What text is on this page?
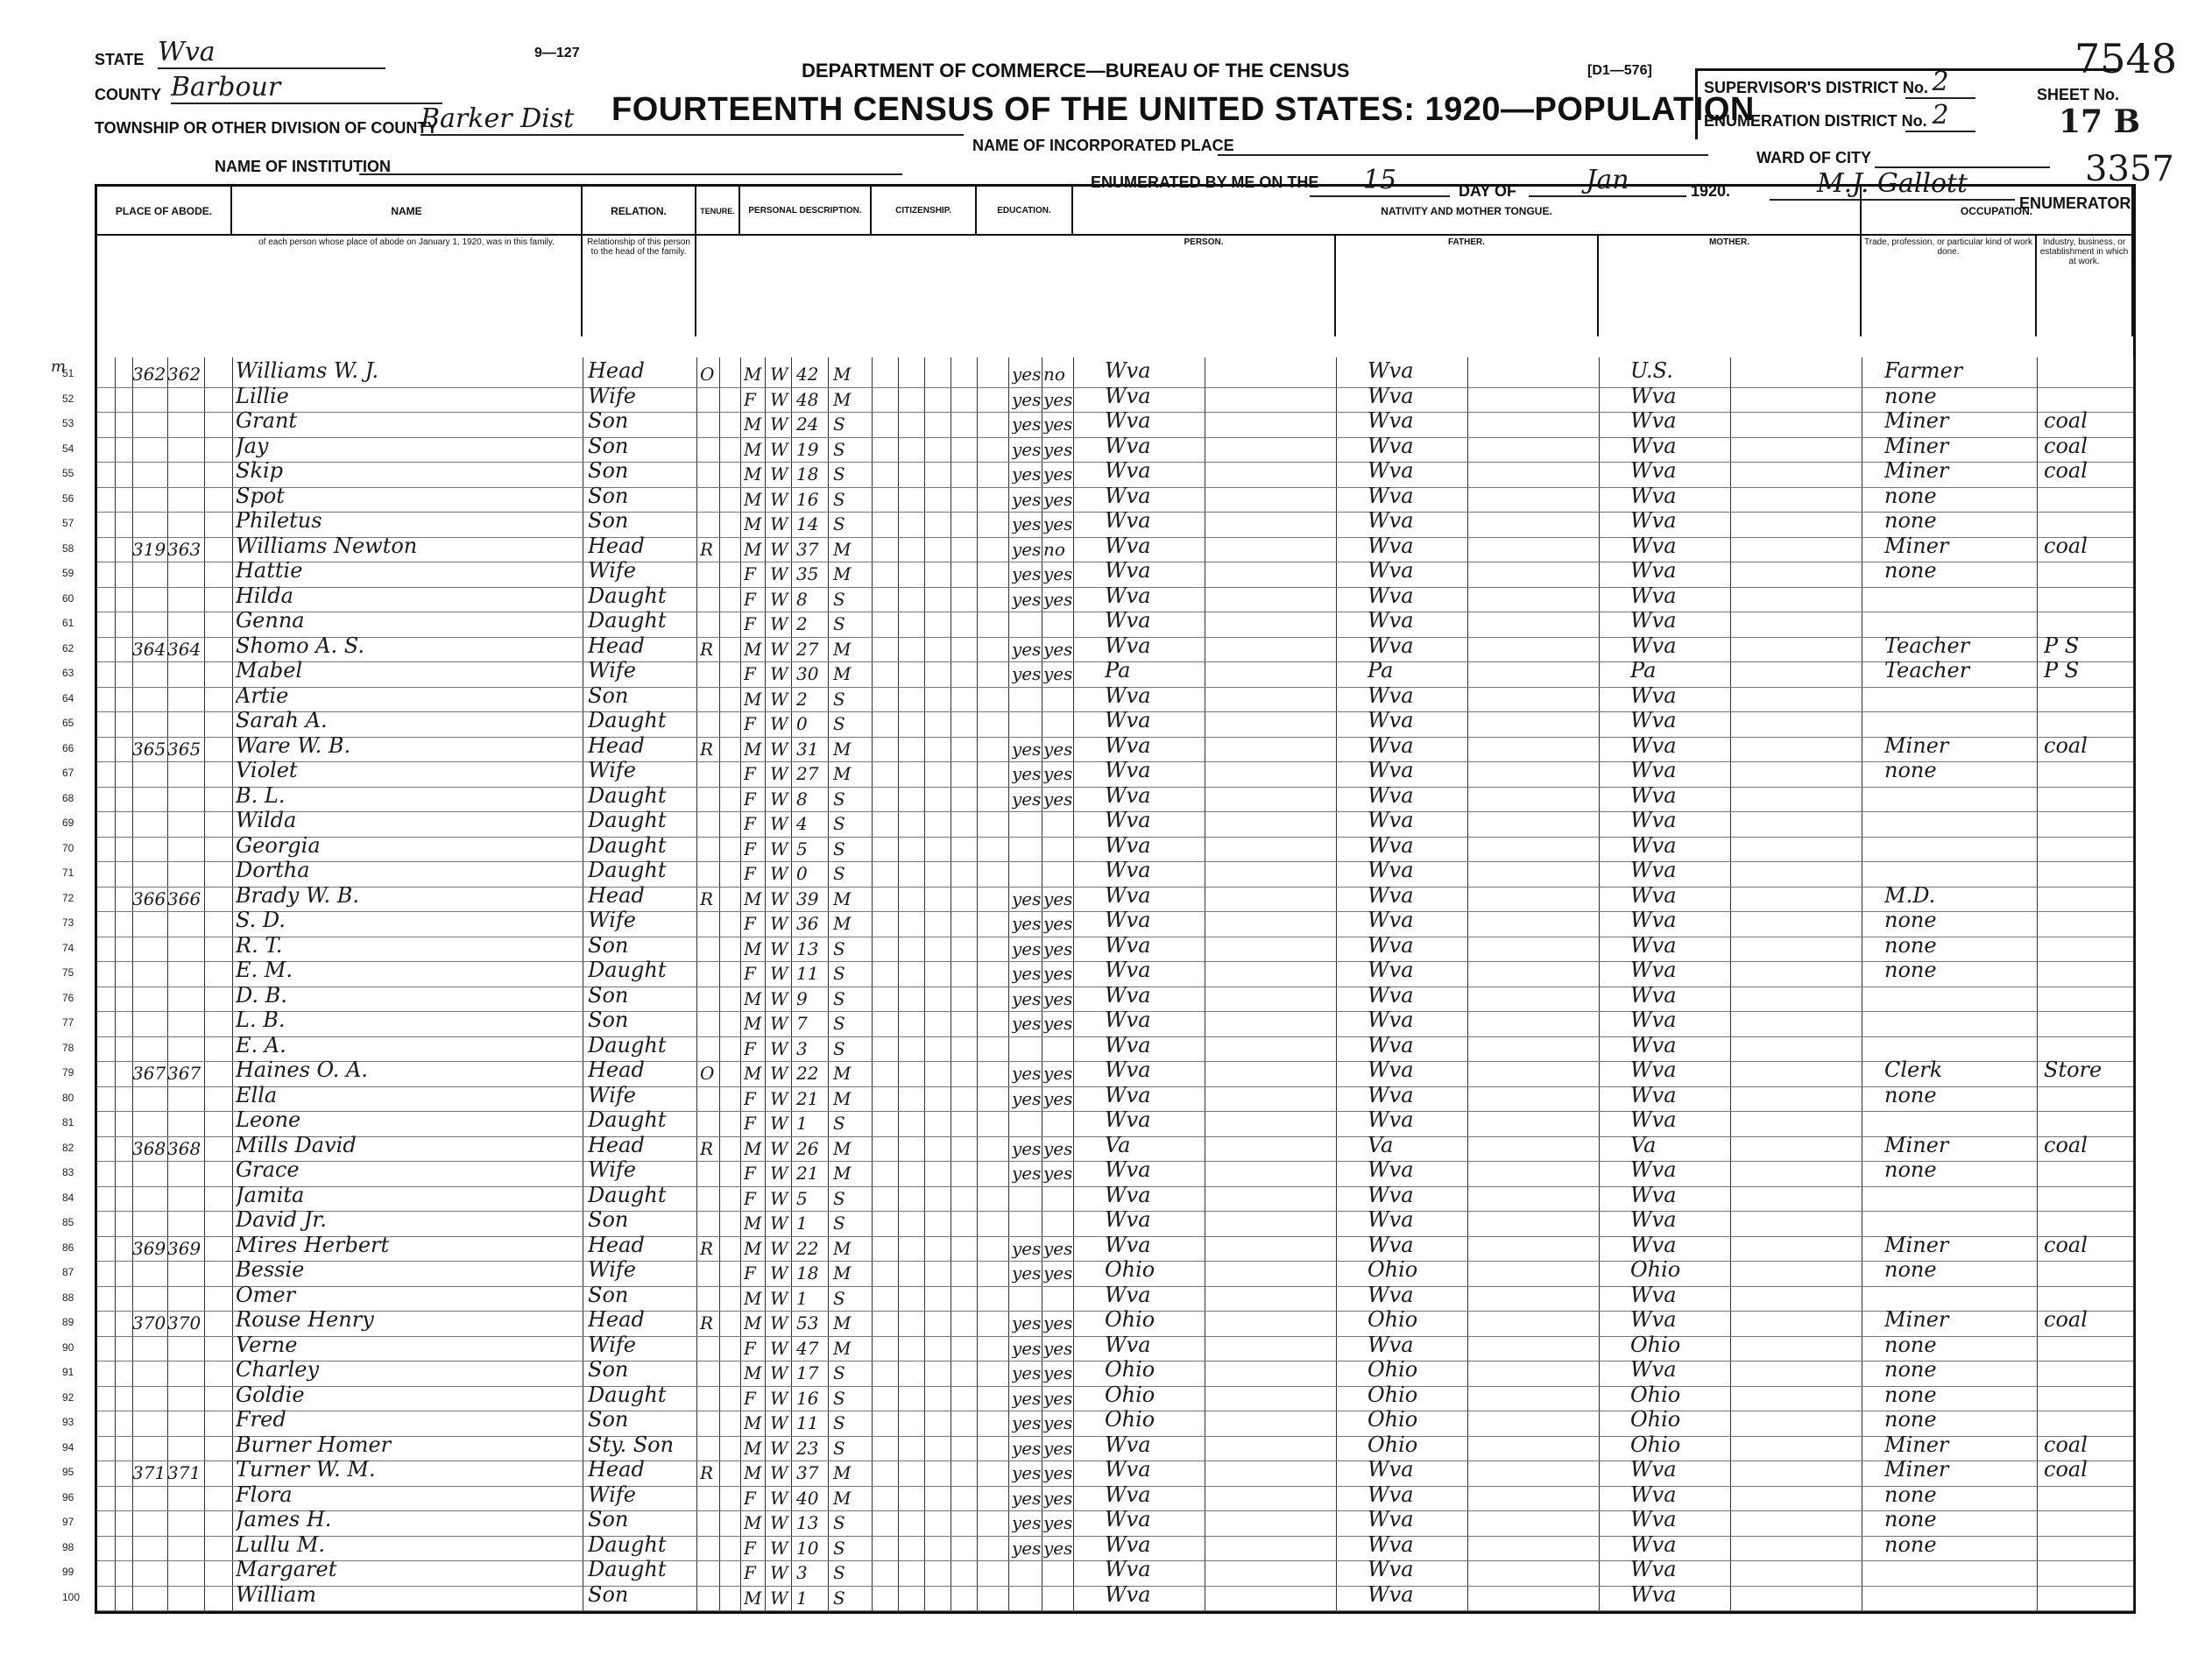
9—127
DEPARTMENT OF COMMERCE—BUREAU OF THE CENSUS
FOURTEENTH CENSUS OF THE UNITED STATES: 1920—POPULATION
[D1—576]	7548
3357
STATE Wva
COUNTY Barbour
TOWNSHIP OR OTHER DIVISION OF COUNTY
Barker Dist
NAME OF INCORPORATED PLACE
NAME OF INSTITUTION
SUPERVISOR'S DISTRICT No. 2
ENUMERATION DISTRICT No. 2
SHEET No.
17 B
WARD OF CITY
ENUMERATED BY ME ON THE	15	DAY OF	Jan	1920.	M.J. Gallott
ENUMERATOR.
PLACE OF ABODE.	NAME	RELATION.	TENURE.	PERSONAL DESCRIPTION.	CITIZENSHIP.	EDUCATION.	NATIVITY AND MOTHER TONGUE.	OCCUPATION.
of each person whose place of abode on January 1, 1920, was in this family.	Relationship of this person to the head of the family.
PERSON.	FATHER.	MOTHER.	Trade, profession, or particular kind of work done.
Industry, business, or establishment in which at work.
51	362 362 Williams W. J.	Head	O M W 42 M	yes no	Wva	Wva	U.S.	Farmer
52	Lillie	Wife	F W 48 M	yes yes Wva	Wva	Wva	none
53	Grant	Son	M W 24 S	yes yes Wva	Wva	Wva	Miner	coal
54	Jay	Son	M W 19 S	yes yes Wva	Wva	Wva	Miner	coal
55	Skip	Son	M W 18 S	yes yes Wva	Wva	Wva	Miner	coal
56	Spot	Son	M W 16 S	yes yes Wva	Wva	Wva	none
57	Philetus	Son	M W 14 S	yes yes Wva	Wva	Wva	none
58	319 363 Williams Newton	Head	R	M W 37 M	yes no	Wva	Wva	Wva	Miner	coal
59	Hattie	Wife	F W 35 M	yes yes Wva	Wva	Wva	none
60	Hilda	Daught	F W 8	S	yes yes Wva	Wva	Wva
61	Genna	Daught	F W 2	S	Wva	Wva	Wva
62	364 364 Shomo A. S.	Head	R	M W 27 M	yes yes Wva	Wva	Wva	Teacher	P S
63	Mabel	Wife	F W 30 M	yes yes Pa	Pa	Pa	Teacher	P S
64	Artie	Son	M W 2	S	Wva	Wva	Wva
65	Sarah A.	Daught	F W 0	S	Wva	Wva	Wva
66	365 365 Ware W. B.	Head	R	M W 31 M	yes yes Wva	Wva	Wva	Miner	coal
67	Violet	Wife	F W 27 M	yes yes Wva	Wva	Wva	none
68	B. L.	Daught	F W 8	S	yes yes Wva	Wva	Wva
69	Wilda	Daught	F W 4	S	Wva	Wva	Wva
70	Georgia	Daught	F W 5	S	Wva	Wva	Wva
71	Dortha	Daught	F W 0	S	Wva	Wva	Wva
72	366 366 Brady W. B.	Head	R	M W 39 M	yes yes Wva	Wva	Wva	M.D.
73	S. D.	Wife	F W 36 M	yes yes Wva	Wva	Wva	none
74	R. T.	Son	M W 13 S	yes yes Wva	Wva	Wva	none
75	E. M.	Daught	F W 11 S	yes yes Wva	Wva	Wva	none
76	D. B.	Son	M W 9	S	yes yes Wva	Wva	Wva
77	L. B.	Son	M W 7	S	yes yes Wva	Wva	Wva
78	E. A.	Daught	F W 3	S	Wva	Wva	Wva
79	367 367 Haines O. A.	Head	O M W 22 M	yes yes Wva	Wva	Wva	Clerk	Store
80	Ella	Wife	F W 21 M	yes yes Wva	Wva	Wva	none
81	Leone	Daught	F W 1	S	Wva	Wva	Wva
82	368 368 Mills David	Head	R	M W 26 M	yes yes Va	Va	Va	Miner	coal
83	Grace	Wife	F W 21 M	yes yes Wva	Wva	Wva	none
84	Jamita	Daught	F W 5	S	Wva	Wva	Wva
85	David Jr.	Son	M W 1	S	Wva	Wva	Wva
86	369 369 Mires Herbert	Head	R	M W 22 M	yes yes Wva	Wva	Wva	Miner	coal
87	Bessie	Wife	F W 18 M	yes yes Ohio	Ohio	Ohio	none
88	Omer	Son	M W 1	S	Wva	Wva	Wva
89	370 370 Rouse Henry	Head	R	M W 53 M	yes yes Ohio	Ohio	Wva	Miner	coal
90	Verne	Wife	F W 47 M	yes yes Wva	Wva	Ohio	none
91	Charley	Son	M W 17 S	yes yes Ohio	Ohio	Wva	none
92	Goldie	Daught	F W 16 S	yes yes Ohio	Ohio	Ohio	none
93	Fred	Son	M W 11 S	yes yes Ohio	Ohio	Ohio	none
94	Burner Homer	Sty. Son	M W 23 S	yes yes Wva	Ohio	Ohio	Miner	coal
95	371 371 Turner W. M.	Head	R	M W 37 M	yes yes Wva	Wva	Wva	Miner	coal
96	Flora	Wife	F W 40 M	yes yes Wva	Wva	Wva	none
97	James H.	Son	M W 13 S	yes yes Wva	Wva	Wva	none
98	Lullu M.	Daught	F W 10 S	yes yes Wva	Wva	Wva	none
99	Margaret	Daught	F W 3	S	Wva	Wva	Wva
100	William	Son	M W 1	S	Wva	Wva	Wva
m
